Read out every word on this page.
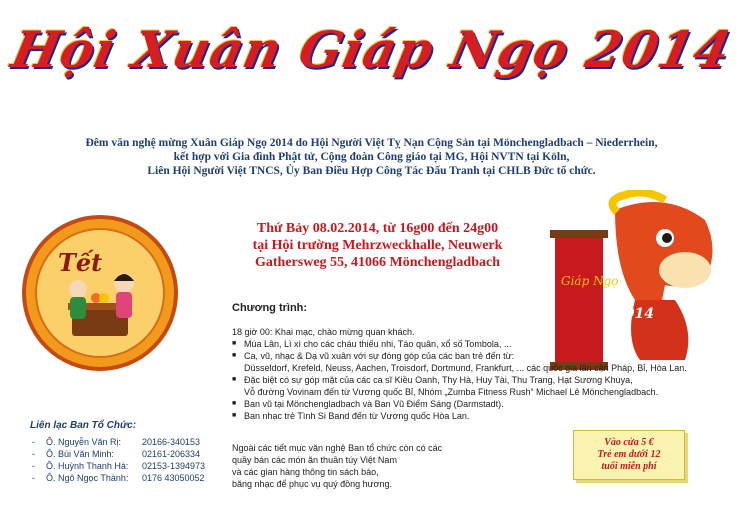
Hội Xuân Giáp Ngọ 2014
Đêm văn nghệ mừng Xuân Giáp Ngọ 2014 do Hội Người Việt Tỵ Nạn Cộng Sản tại Mönchengladbach – Niederrhein,
kết hợp với Gia đình Phật tử, Cộng đoàn Công giáo tại MG, Hội NVTN tại Köln,
Liên Hội Người Việt TNCS, Ủy Ban Điều Hợp Công Tác Đấu Tranh tại CHLB Đức tổ chức.
Thứ Bảy 08.02.2014, từ 16g00 đến 24g00
tại Hội trường Mehrzweckhalle, Neuwerk
Gathersweg 55, 41066 Mönchengladbach
Tết
Giáp Ngọ
2014
Chương trình:
18 giờ 00: Khai mạc, chào mừng quan khách.
■ Múa Lân, Lì xì cho các cháu thiếu nhi, Táo quân, xổ số Tombola, ...
■ Ca, vũ, nhạc & Dạ vũ xuân với sự đóng góp của các ban trẻ đến từ:
Düsseldorf, Krefeld, Neuss, Aachen, Troisdorf, Dortmund, Frankfurt, ... các quốc gia lân cận Pháp, Bỉ, Hòa Lan.
■ Đặc biệt có sự góp mặt của các ca sĩ Kiều Oanh, Thy Hà, Huy Tài, Thu Trang, Hạt Sương Khuya,
Vỗ đường Vovinam đến từ Vương quốc Bỉ, Nhóm „Zumba Fitness Rush“ Michael Lê Mönchengladbach.
■ Ban vũ tại Mönchengladbach và Ban Vũ Điểm Sáng (Darmstadt).
■ Ban nhạc trẻ Tình Si Band đến từ Vương quốc Hòa Lan.
Ngoài các tiết mục văn nghệ Ban tổ chức còn có các
quầy bán các món ăn thuần túy Việt Nam
và các gian hàng thông tin sách báo,
băng nhạc để phục vụ quý đồng hương.
Liên lạc Ban Tổ Chức:
-	Ô. Nguyễn Văn Rị:	20166-340153
-	Ô. Bùi Văn Minh:	02161-206334
-	Ô. Huỳnh Thanh Hà:	02153-1394973
-	Ô. Ngô Ngọc Thành:	0176 43050052
Vào cửa 5 €
Trẻ em dưới 12
tuổi miễn phí
